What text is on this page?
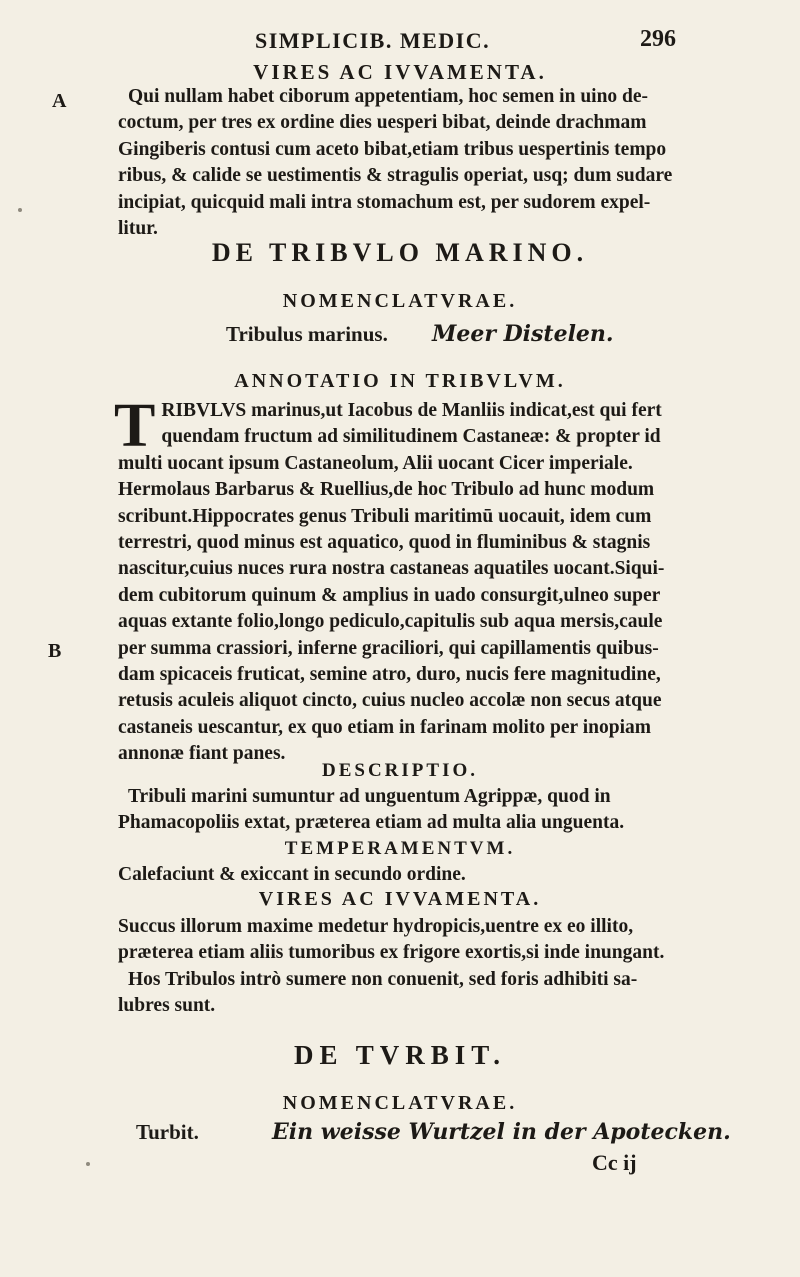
SIMPLICIB. MEDIC.	296
VIRES AC IVVAMENTA.
A	Qui nullam habet ciborum appetentiam, hoc semen in uino de-
coctum, per tres ex ordine dies uesperi bibat, deinde drachmam
Gingiberis contusi cum aceto bibat,etiam tribus uespertinis tempo
ribus, & calide se uestimentis & stragulis operiat, usq; dum sudare
incipiat, quicquid mali intra stomachum est, per sudorem expel-
litur.
DE TRIBVLO MARINO.
NOMENCLATVRAE.
Tribulus marinus. Meer Distelen.
ANNOTATIO IN TRIBVLVM.
B
T RIBVLVS marinus,ut Iacobus de Manliis indicat,est qui fert
quendam fructum ad similitudinem Castaneæ: & propter id
multi uocant ipsum Castaneolum, Alii uocant Cicer imperiale.
Hermolaus Barbarus & Ruellius,de hoc Tribulo ad hunc modum
scribunt.Hippocrates genus Tribuli maritimū uocauit, idem cum
terrestri, quod minus est aquatico, quod in fluminibus & stagnis
nascitur,cuius nuces rura nostra castaneas aquatiles uocant.Siqui-
dem cubitorum quinum & amplius in uado consurgit,ulneo super
aquas extante folio,longo pediculo,capitulis sub aqua mersis,caule
per summa crassiori, inferne graciliori, qui capillamentis quibus-
dam spicaceis fruticat, semine atro, duro, nucis fere magnitudine,
retusis aculeis aliquot cincto, cuius nucleo accolæ non secus atque
castaneis uescantur, ex quo etiam in farinam molito per inopiam
annonæ fiant panes.
DESCRIPTIO.
Tribuli marini sumuntur ad unguentum Agrippæ, quod in
Phamacopoliis extat, præterea etiam ad multa alia unguenta.
TEMPERAMENTVM.
Calefaciunt & exiccant in secundo ordine.
VIRES AC IVVAMENTA.
Succus illorum maxime medetur hydropicis,uentre ex eo illito,
præterea etiam aliis tumoribus ex frigore exortis,si inde inungant.
Hos Tribulos intrò sumere non conuenit, sed foris adhibiti sa-
lubres sunt.
DE TVRBIT.
NOMENCLATVRAE.
Turbit.	Ein weisse Wurtzel in der Apotecken.
Cc ij
